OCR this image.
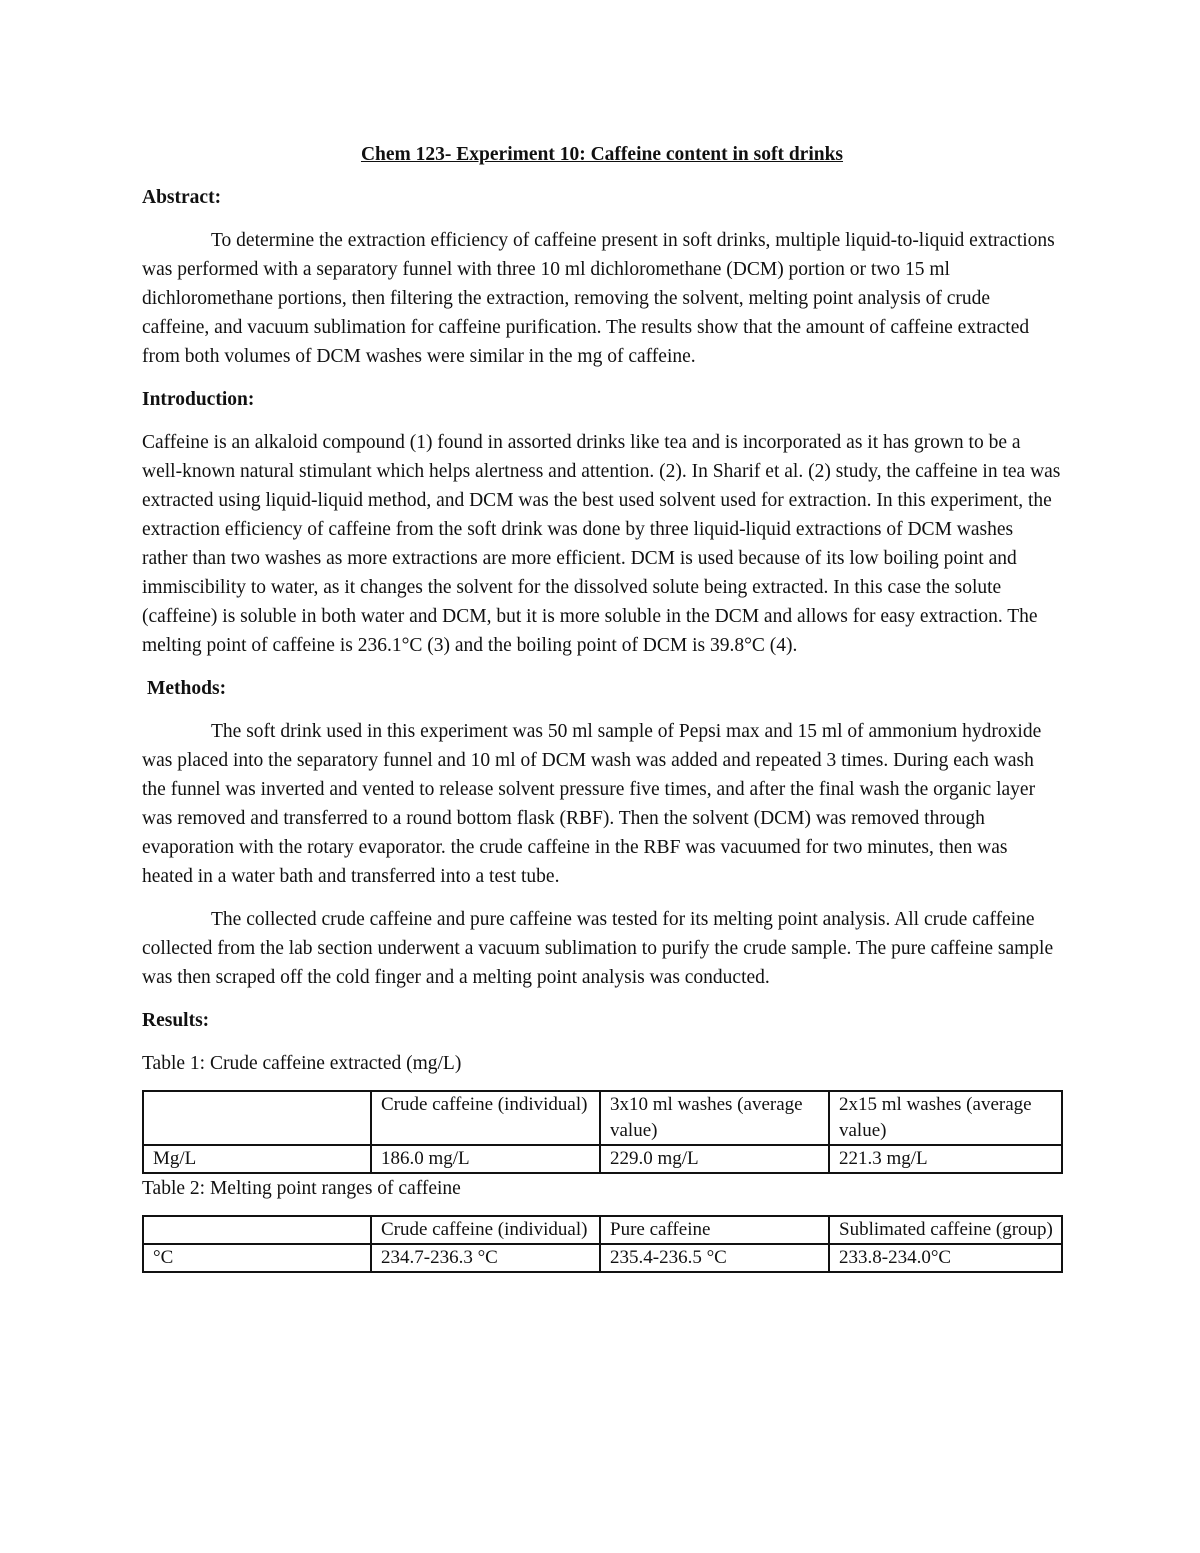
Chem 123- Experiment 10: Caffeine content in soft drinks
Abstract:

To determine the extraction efficiency of caffeine present in soft drinks, multiple liquid-to-liquid extractions was performed with a separatory funnel with three 10 ml dichloromethane (DCM) portion or two 15 ml dichloromethane portions, then filtering the extraction, removing the solvent, melting point analysis of crude caffeine, and vacuum sublimation for caffeine purification. The results show that the amount of caffeine extracted from both volumes of DCM washes were similar in the mg of caffeine.

Introduction:

Caffeine is an alkaloid compound (1) found in assorted drinks like tea and is incorporated as it has grown to be a well-known natural stimulant which helps alertness and attention. (2). In Sharif et al. (2) study, the caffeine in tea was extracted using liquid-liquid method, and DCM was the best used solvent used for extraction. In this experiment, the extraction efficiency of caffeine from the soft drink was done by three liquid-liquid extractions of DCM washes rather than two washes as more extractions are more efficient. DCM is used because of its low boiling point and immiscibility to water, as it changes the solvent for the dissolved solute being extracted. In this case the solute (caffeine) is soluble in both water and DCM, but it is more soluble in the DCM and allows for easy extraction. The melting point of caffeine is 236.1°C (3) and the boiling point of DCM is 39.8°C (4).

Methods:

The soft drink used in this experiment was 50 ml sample of Pepsi max and 15 ml of ammonium hydroxide was placed into the separatory funnel and 10 ml of DCM wash was added and repeated 3 times. During each wash the funnel was inverted and vented to release solvent pressure five times, and after the final wash the organic layer was removed and transferred to a round bottom flask (RBF). Then the solvent (DCM) was removed through evaporation with the rotary evaporator. the crude caffeine in the RBF was vacuumed for two minutes, then was heated in a water bath and transferred into a test tube.

The collected crude caffeine and pure caffeine was tested for its melting point analysis. All crude caffeine collected from the lab section underwent a vacuum sublimation to purify the crude sample. The pure caffeine sample was then scraped off the cold finger and a melting point analysis was conducted.

Results:
Table 1: Crude caffeine extracted (mg/L)
	Crude caffeine (individual)	3x10 ml washes (average value)	2x15 ml washes (average value)
Mg/L	186.0 mg/L	229.0 mg/L	221.3 mg/L
Table 2: Melting point ranges of caffeine
	Crude caffeine (individual)	Pure caffeine	Sublimated caffeine (group)
°C	234.7-236.3 °C	235.4-236.5 °C	233.8-234.0°C
